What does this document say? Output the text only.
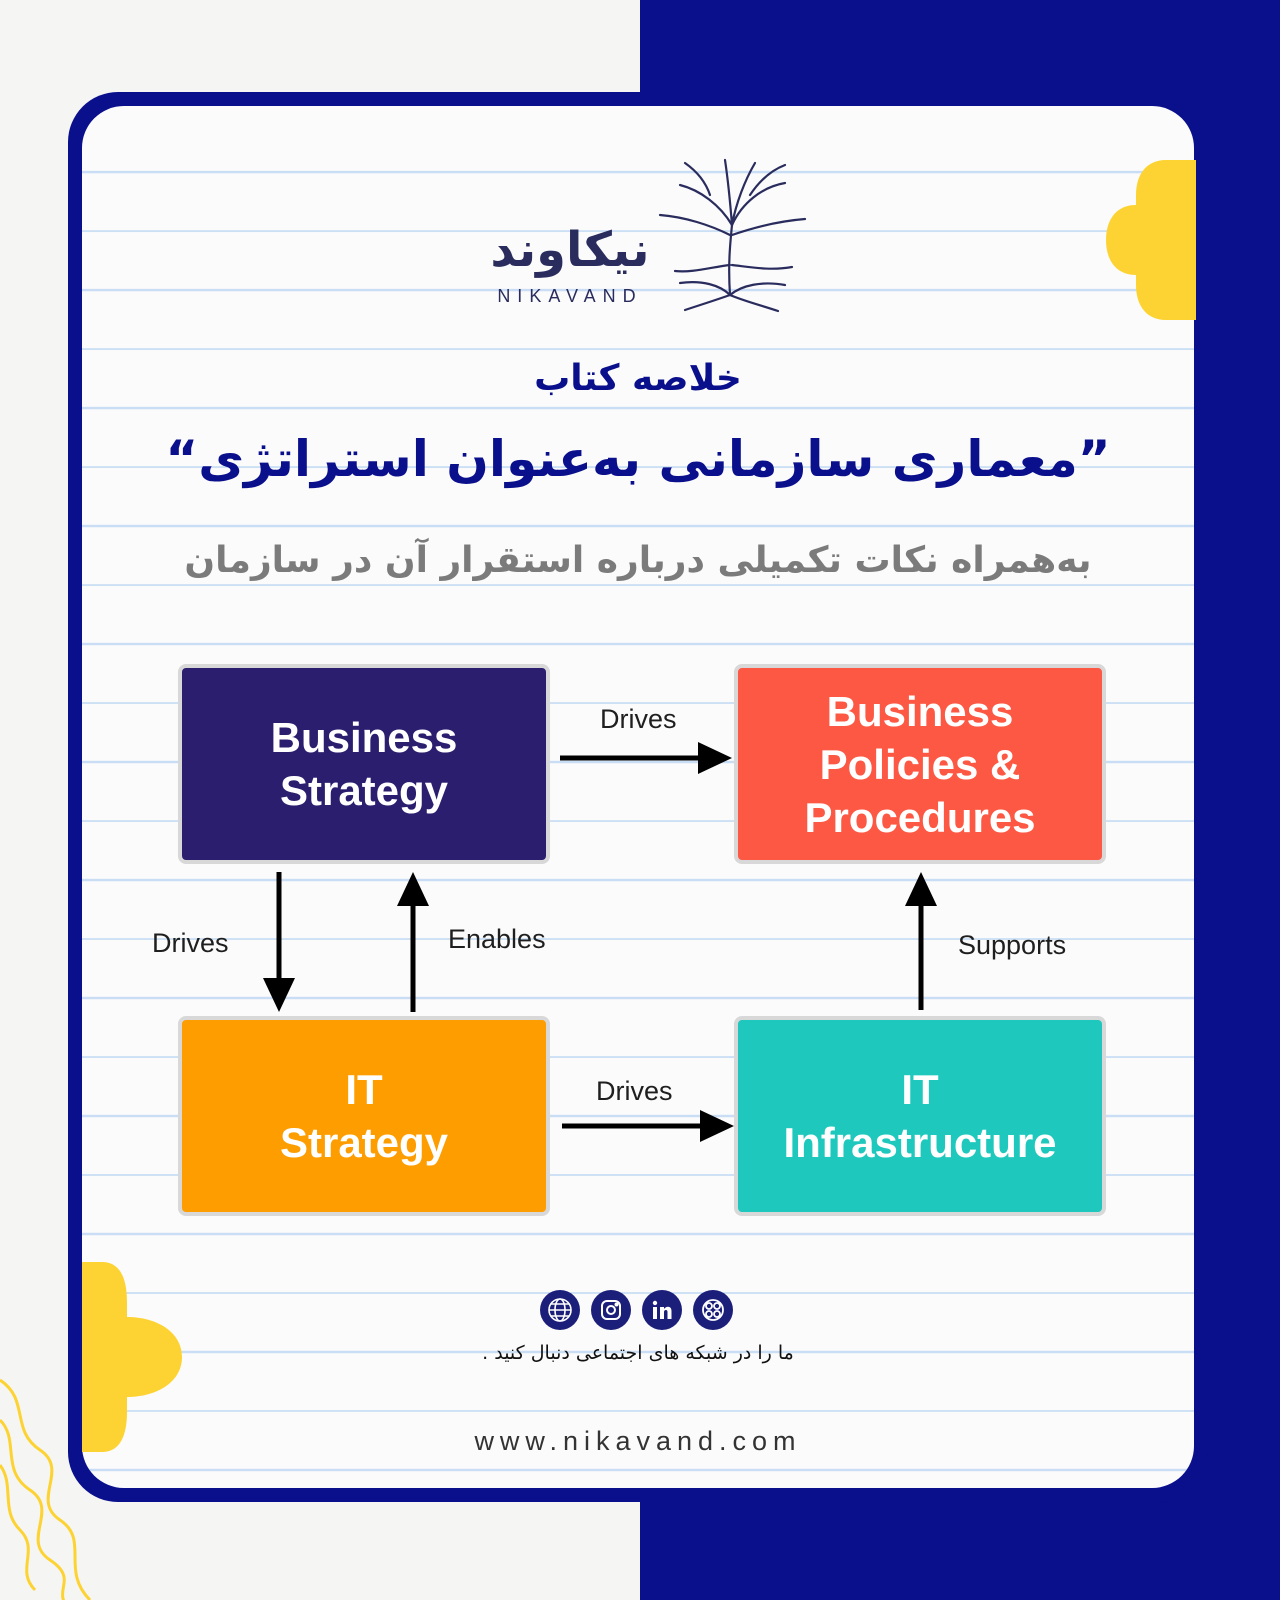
نیکاوند
NIKAVAND
خلاصه کتاب
”معماری سازمانی به‌عنوان استراتژی“
به‌همراه نکات تکمیلی درباره استقرار آن در سازمان
Business
Strategy
Business
Policies &
Procedures
IT
Strategy
IT
Infrastructure
Drives
Drives	Enables	Supports
Drives
ما را در شبکه های اجتماعی دنبال کنید .
www.nikavand.com
